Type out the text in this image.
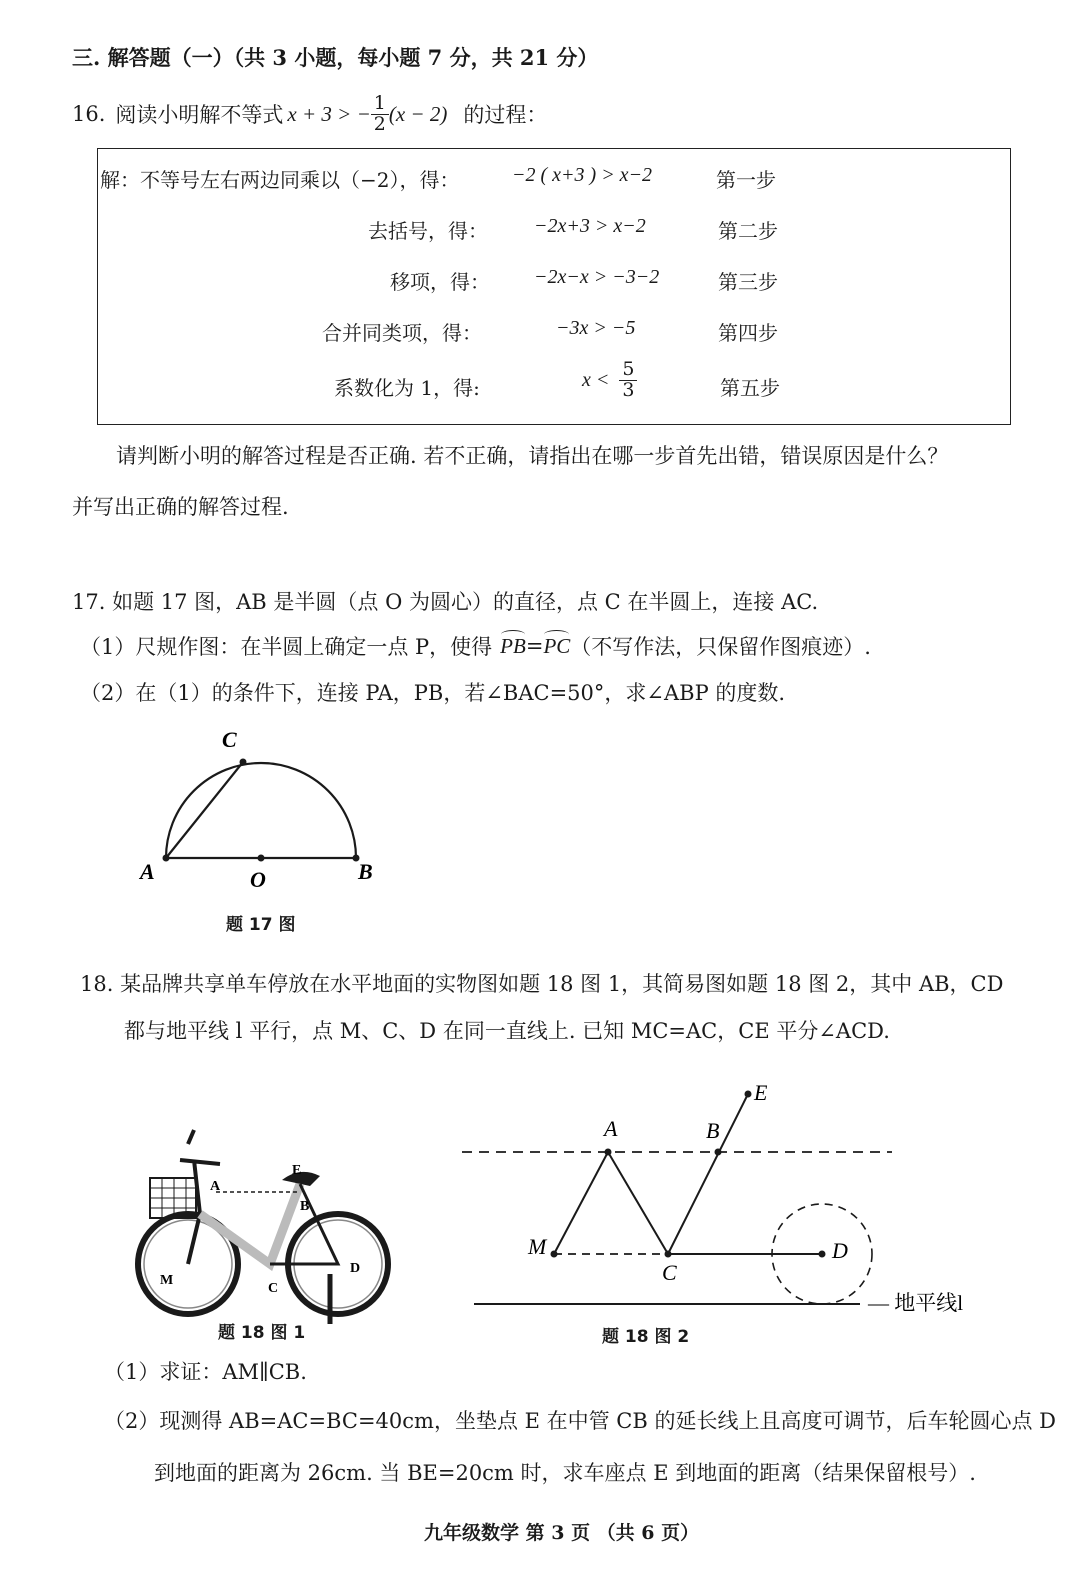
三. 解答题（一）（共 3 小题，每小题 7 分，共 21 分）
16. 阅读小明解不等式 x + 3 > − $\frac{1}{2} (x - 2)$ 的过程：
解：不等号左右两边同乘以（−2），得：	−2 ( x+3 ) > x−2	第一步
去括号，得： −2x+3 > x−2	第二步
移项，得： −2x−x > −3−2	第三步
合并同类项，得：	−3x > −5	第四步
系数化为 1，得:	$x < \frac{5}{3}$	第五步
请判断小明的解答过程是否正确. 若不正确，请指出在哪一步首先出错，错误原因是什么？
并写出正确的解答过程.
17. 如题 17 图，AB 是半圆（点 O 为圆心）的直径，点 C 在半圆上，连接 AC.
（1）尺规作图：在半圆上确定一点 P，使得 PB = PC （不写作法，只保留作图痕迹）.
（2）在（1）的条件下，连接 PA，PB，若∠BAC=50°，求∠ABP 的度数.
C
A	O	B
题 17 图
18. 某品牌共享单车停放在水平地面的实物图如题 18 图 1，其简易图如题 18 图 2，其中 AB，CD
都与地平线 l 平行，点 M、C、D 在同一直线上. 已知 MC=AC，CE 平分∠ACD.
A
E
B
M
C
D
题 18 图 1
E
A	B
M
C
D
— 地平线l
题 18 图 2
（1）求证：AM∥CB.
（2）现测得 AB=AC=BC=40cm，坐垫点 E 在中管 CB 的延长线上且高度可调节，后车轮圆心点 D
到地面的距离为 26cm. 当 BE=20cm 时，求车座点 E 到地面的距离（结果保留根号）.
九年级数学 第 3 页 （共 6 页）
